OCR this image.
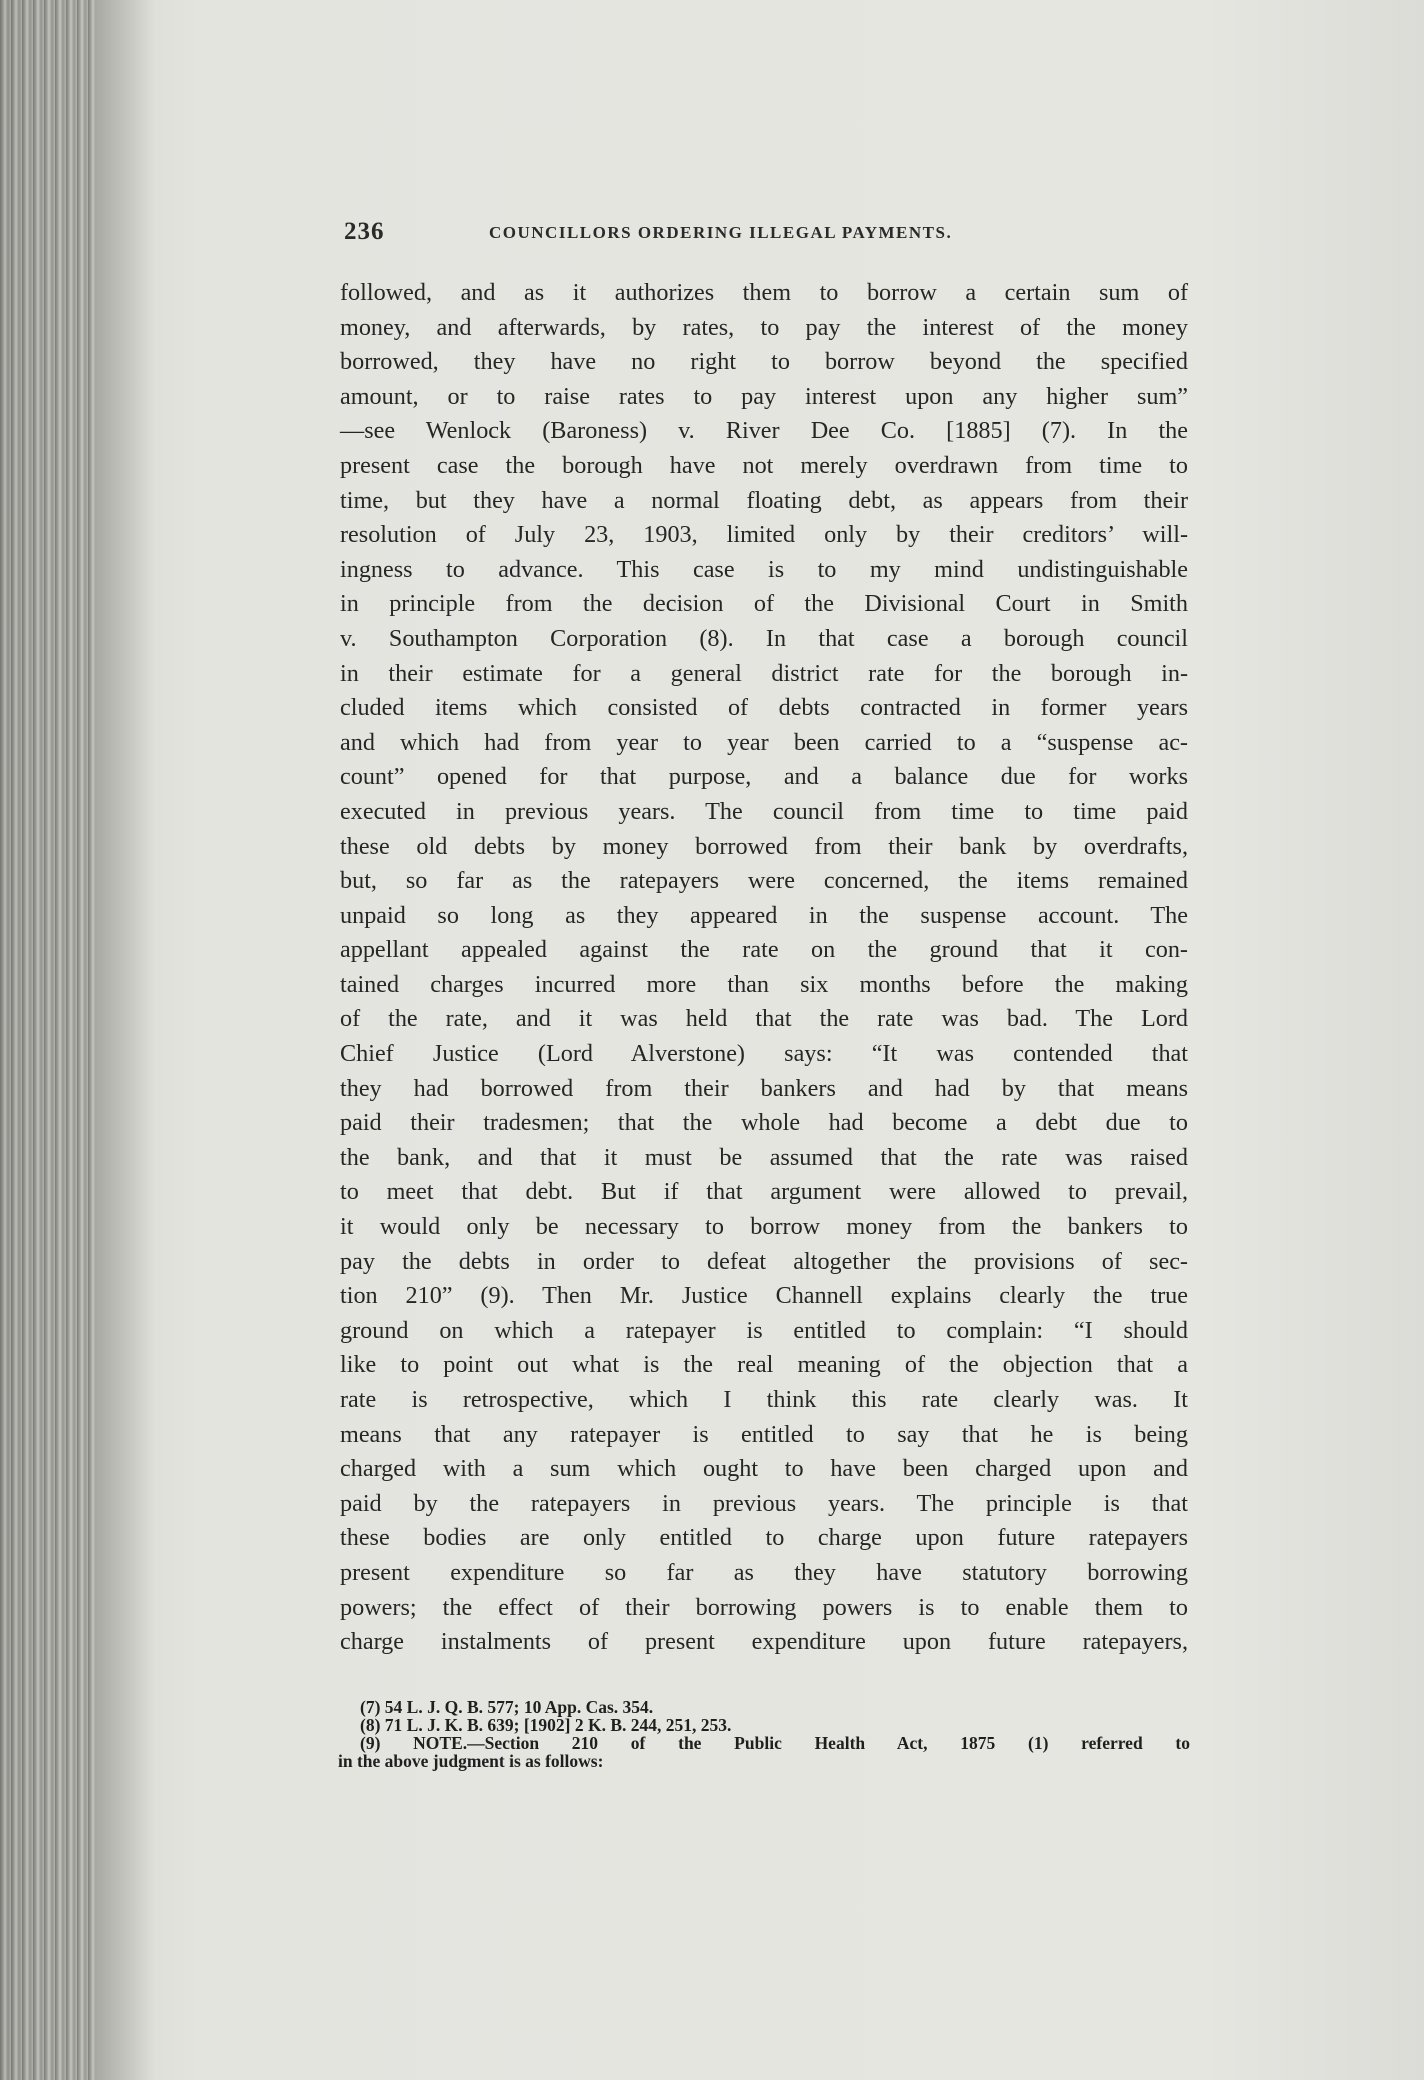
236	COUNCILLORS ORDERING ILLEGAL PAYMENTS.
followed, and as it authorizes them to borrow a certain sum of
money, and afterwards, by rates, to pay the interest of the money
borrowed, they have no right to borrow beyond the specified
amount, or to raise rates to pay interest upon any higher sum”
—see Wenlock (Baroness) v. River Dee Co. [1885] (7). In the
present case the borough have not merely overdrawn from time to
time, but they have a normal floating debt, as appears from their
resolution of July 23, 1903, limited only by their creditors’ will-
ingness to advance. This case is to my mind undistinguishable
in principle from the decision of the Divisional Court in Smith
v. Southampton Corporation (8). In that case a borough council
in their estimate for a general district rate for the borough in-
cluded items which consisted of debts contracted in former years
and which had from year to year been carried to a “suspense ac-
count” opened for that purpose, and a balance due for works
executed in previous years. The council from time to time paid
these old debts by money borrowed from their bank by overdrafts,
but, so far as the ratepayers were concerned, the items remained
unpaid so long as they appeared in the suspense account. The
appellant appealed against the rate on the ground that it con-
tained charges incurred more than six months before the making
of the rate, and it was held that the rate was bad. The Lord
Chief Justice (Lord Alverstone) says: “It was contended that
they had borrowed from their bankers and had by that means
paid their tradesmen; that the whole had become a debt due to
the bank, and that it must be assumed that the rate was raised
to meet that debt. But if that argument were allowed to prevail,
it would only be necessary to borrow money from the bankers to
pay the debts in order to defeat altogether the provisions of sec-
tion 210” (9). Then Mr. Justice Channell explains clearly the true
ground on which a ratepayer is entitled to complain: “I should
like to point out what is the real meaning of the objection that a
rate is retrospective, which I think this rate clearly was. It
means that any ratepayer is entitled to say that he is being
charged with a sum which ought to have been charged upon and
paid by the ratepayers in previous years. The principle is that
these bodies are only entitled to charge upon future ratepayers
present expenditure so far as they have statutory borrowing
powers; the effect of their borrowing powers is to enable them to
charge instalments of present expenditure upon future ratepayers,
(7) 54 L. J. Q. B. 577; 10 App. Cas. 354.
(8) 71 L. J. K. B. 639; [1902] 2 K. B. 244, 251, 253.
(9) NOTE.—Section 210 of the Public Health Act, 1875 (1) referred to
in the above judgment is as follows:
